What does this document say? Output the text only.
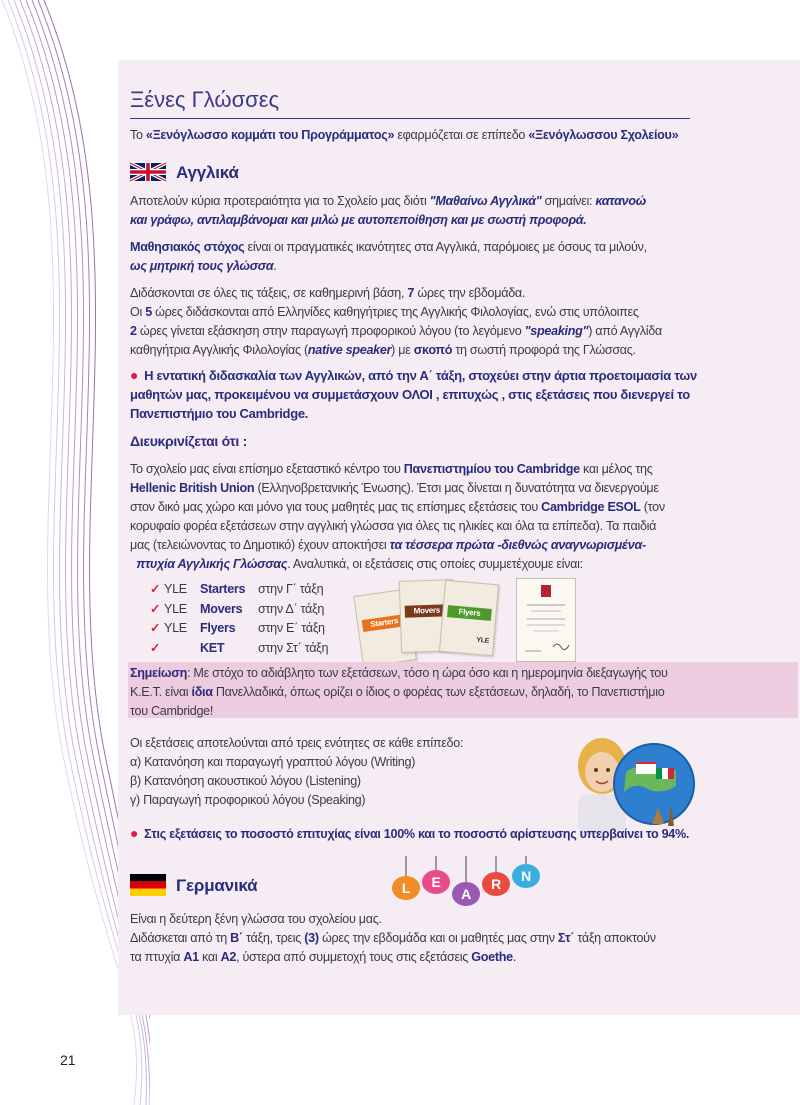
Ξένες Γλώσσες
Το «Ξενόγλωσσο κομμάτι του Προγράμματος» εφαρμόζεται σε επίπεδο «Ξενόγλωσσου Σχολείου»
Αγγλικά
Αποτελούν κύρια προτεραιότητα για το Σχολείο μας διότι "Μαθαίνω Αγγλικά" σημαίνει: κατανοώ
και γράφω, αντιλαμβάνομαι και μιλώ με αυτοπεποίθηση και με σωστή προφορά.
Μαθησιακός στόχος είναι οι πραγματικές ικανότητες στα Αγγλικά, παρόμοιες με όσους τα μιλούν,
ως μητρική τους γλώσσα.
Διδάσκονται σε όλες τις τάξεις, σε καθημερινή βάση, 7 ώρες την εβδομάδα.
Οι 5 ώρες διδάσκονται από Ελληνίδες καθηγήτριες της Αγγλικής Φιλολογίας, ενώ στις υπόλοιπες
2 ώρες γίνεται εξάσκηση στην παραγωγή προφορικού λόγου (το λεγόμενο "speaking") από Αγγλίδα
καθηγήτρια Αγγλικής Φιλολογίας (native speaker) με σκοπό τη σωστή προφορά της Γλώσσας.
● Η εντατική διδασκαλία των Αγγλικών, από την Α΄ τάξη, στοχεύει στην άρτια προετοιμασία των
μαθητών μας, προκειμένου να συμμετάσχουν ΟΛΟΙ , επιτυχώς , στις εξετάσεις που διενεργεί το
Πανεπιστήμιο του Cambridge.
Διευκρινίζεται ότι :
Το σχολείο μας είναι επίσημο εξεταστικό κέντρο του Πανεπιστημίου του Cambridge και μέλος της
Hellenic British Union (Ελληνοβρετανικής Ένωσης). Έτσι μας δίνεται η δυνατότητα να διενεργούμε
στον δικό μας χώρο και μόνο για τους μαθητές μας τις επίσημες εξετάσεις του Cambridge ESOL (τον
κορυφαίο φορέα εξετάσεων στην αγγλική γλώσσα για όλες τις ηλικίες και όλα τα επίπεδα). Τα παιδιά
μας (τελειώνοντας το Δημοτικό) έχουν αποκτήσει τα τέσσερα πρώτα -διεθνώς αναγνωρισμένα-
πτυχία Αγγλικής Γλώσσας. Αναλυτικά, οι εξετάσεις στις οποίες συμμετέχουμε είναι:
✓ YLE	Starters	στην Γ΄ τάξη
✓ YLE	Movers	στην Δ΄ τάξη
✓ YLE	Flyers	στην Ε΄ τάξη
✓	KET	στην Στ΄ τάξη
Starters
Movers	Flyers
YLE
Σημείωση: Με στόχο το αδιάβλητο των εξετάσεων, τόσο η ώρα όσο και η ημερομηνία διεξαγωγής του
Κ.Ε.Τ. είναι ίδια Πανελλαδικά, όπως ορίζει ο ίδιος ο φορέας των εξετάσεων, δηλαδή, το Πανεπιστήμιο
του Cambridge!
Οι εξετάσεις αποτελούνται από τρεις ενότητες σε κάθε επίπεδο:
α) Κατανόηση και παραγωγή γραπτού λόγου (Writing)
β) Κατανόηση ακουστικού λόγου (Listening)
γ) Παραγωγή προφορικού λόγου (Speaking)
● Στις εξετάσεις το ποσοστό επιτυχίας είναι 100% και το ποσοστό αρίστευσης υπερβαίνει το 94%.
Γερμανικά	L E
A
R N
Είναι η δεύτερη ξένη γλώσσα του σχολείου μας.
Διδάσκεται από τη Β΄ τάξη, τρεις (3) ώρες την εβδομάδα και οι μαθητές μας στην Στ΄ τάξη αποκτούν
τα πτυχία A1 και A2, ύστερα από συμμετοχή τους στις εξετάσεις Goethe.
21
